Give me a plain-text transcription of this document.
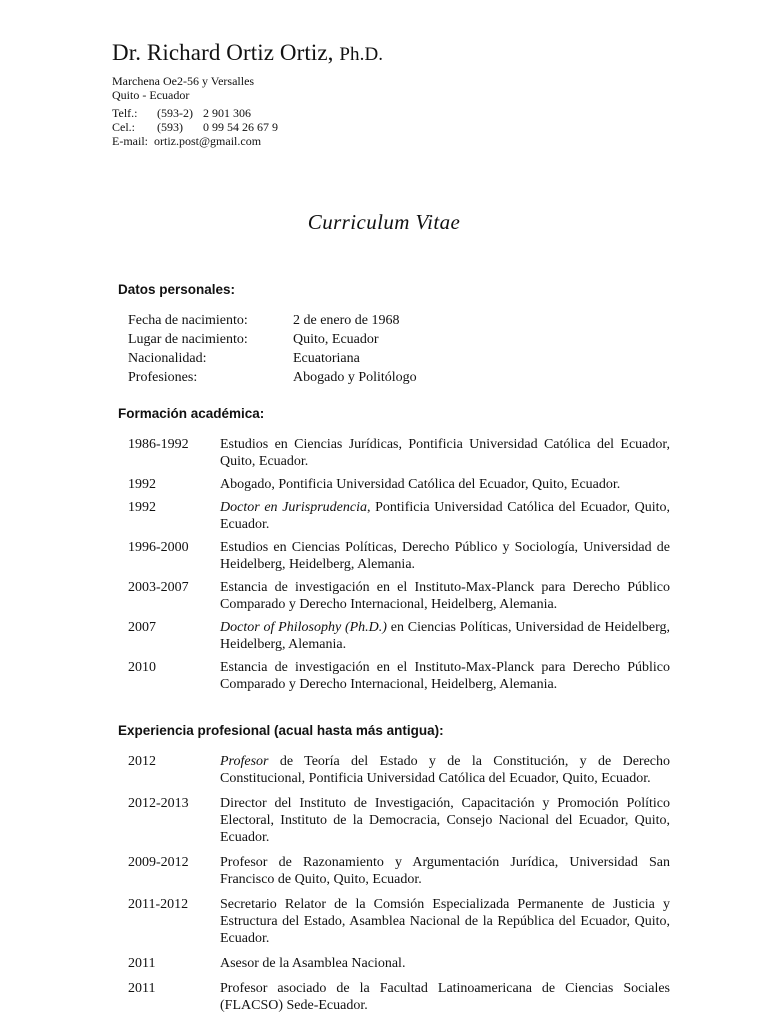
Dr. Richard Ortiz Ortiz, Ph.D.
Marchena Oe2-56 y Versalles
Quito - Ecuador
Telf.: (593-2) 2 901 306
Cel.: (593) 0 99 54 26 67 9
E-mail: ortiz.post@gmail.com
Curriculum Vitae
Datos personales:
Fecha de nacimiento:	2 de enero de 1968
Lugar de nacimiento:	Quito, Ecuador
Nacionalidad:	Ecuatoriana
Profesiones:	Abogado y Politólogo
Formación académica:
1986-1992	Estudios en Ciencias Jurídicas, Pontificia Universidad Católica del Ecuador, Quito, Ecuador.
1992	Abogado, Pontificia Universidad Católica del Ecuador, Quito, Ecuador.
1992	Doctor en Jurisprudencia, Pontificia Universidad Católica del Ecuador, Quito, Ecuador.
1996-2000	Estudios en Ciencias Políticas, Derecho Público y Sociología, Universidad de Heidelberg, Heidelberg, Alemania.
2003-2007	Estancia de investigación en el Instituto-Max-Planck para Derecho Público Comparado y Derecho Internacional, Heidelberg, Alemania.
2007	Doctor of Philosophy (Ph.D.) en Ciencias Políticas, Universidad de Heidelberg, Heidelberg, Alemania.
2010	Estancia de investigación en el Instituto-Max-Planck para Derecho Público Comparado y Derecho Internacional, Heidelberg, Alemania.
Experiencia profesional (acual hasta más antigua):
2012	Profesor de Teoría del Estado y de la Constitución, y de Derecho Constitucional, Pontificia Universidad Católica del Ecuador, Quito, Ecuador.
2012-2013	Director del Instituto de Investigación, Capacitación y Promoción Político Electoral, Instituto de la Democracia, Consejo Nacional del Ecuador, Quito, Ecuador.
2009-2012	Profesor de Razonamiento y Argumentación Jurídica, Universidad San Francisco de Quito, Quito, Ecuador.
2011-2012	Secretario Relator de la Comsión Especializada Permanente de Justicia y Estructura del Estado, Asamblea Nacional de la República del Ecuador, Quito, Ecuador.
2011	Asesor de la Asamblea Nacional.
2011	Profesor asociado de la Facultad Latinoamericana de Ciencias Sociales (FLACSO) Sede-Ecuador.
